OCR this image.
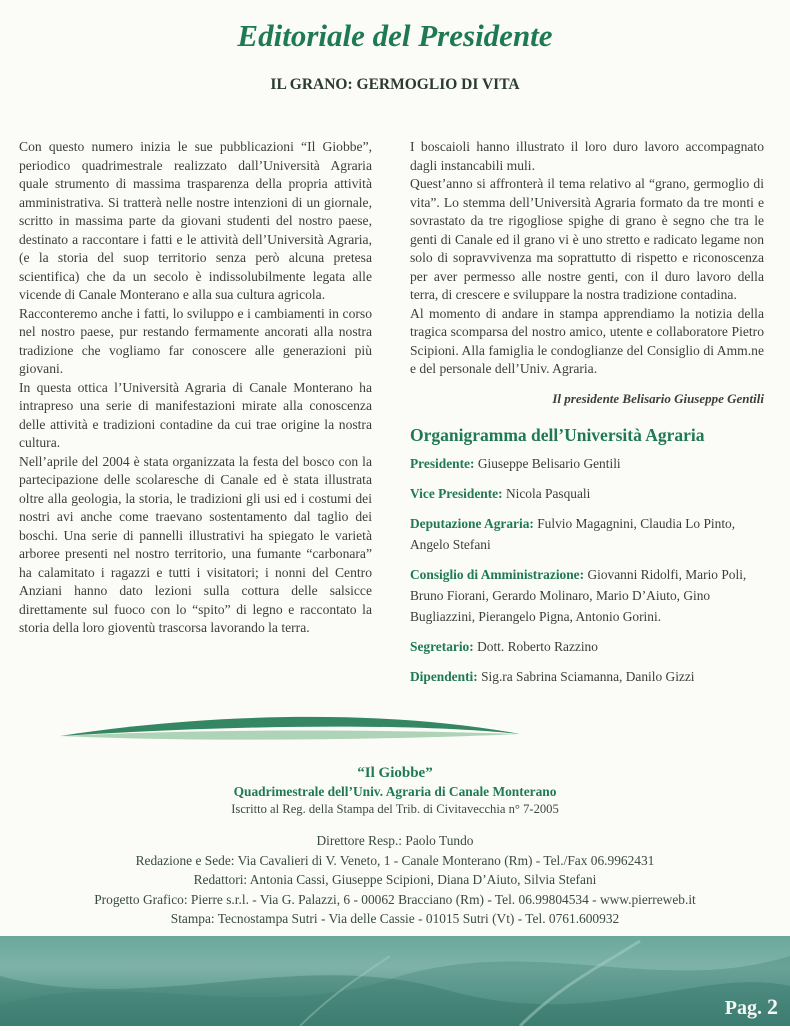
Editoriale del Presidente
IL GRANO: GERMOGLIO DI VITA

Con questo numero inizia le sue pubblicazioni “Il Giobbe”, periodico quadrimestrale realizzato dall’Università Agraria quale strumento di massima trasparenza della propria attività amministrativa. Si tratterà nelle nostre intenzioni di un giornale, scritto in massima parte da giovani studenti del nostro paese, destinato a raccontare i fatti e le attività dell’Università Agraria, (e la storia del suop territorio senza però alcuna pretesa scientifica) che da un secolo è indissolubilmente legata alle vicende di Canale Monterano e alla sua cultura agricola.

Racconteremo anche i fatti, lo sviluppo e i cambiamenti in corso nel nostro paese, pur restando fermamente ancorati alla nostra tradizione che vogliamo far conoscere alle generazioni più giovani.

In questa ottica l’Università Agraria di Canale Monterano ha intrapreso una serie di manifestazioni mirate alla conoscenza delle attività e tradizioni contadine da cui trae origine la nostra cultura.

Nell’aprile del 2004 è stata organizzata la festa del bosco con la partecipazione delle scolaresche di Canale ed è stata illustrata oltre alla geologia, la storia, le tradizioni gli usi ed i costumi dei nostri avi anche come traevano sostentamento dal taglio dei boschi. Una serie di pannelli illustrativi ha spiegato le varietà arboree presenti nel nostro territorio, una fumante “carbonara” ha calamitato i ragazzi e tutti i visitatori; i nonni del Centro Anziani hanno dato lezioni sulla cottura delle salsicce direttamente sul fuoco con lo “spito” di legno e raccontato la storia della loro gioventù trascorsa lavorando la terra.

I boscaioli hanno illustrato il loro duro lavoro accompagnato dagli instancabili muli.

Quest’anno si affronterà il tema relativo al “grano, germoglio di vita”. Lo stemma dell’Università Agraria formato da tre monti e sovrastato da tre rigogliose spighe di grano è segno che tra le genti di Canale ed il grano vi è uno stretto e radicato legame non solo di sopravvivenza ma soprattutto di rispetto e riconoscenza per aver permesso alle nostre genti, con il duro lavoro della terra, di crescere e sviluppare la nostra tradizione contadina.

Al momento di andare in stampa apprendiamo la notizia della tragica scomparsa del nostro amico, utente e collaboratore Pietro Scipioni. Alla famiglia le condoglianze del Consiglio di Amm.ne e del personale dell’Univ. Agraria.

Il presidente Belisario Giuseppe Gentili

Organigramma dell’Università Agraria

Presidente: Giuseppe Belisario Gentili
Vice Presidente: Nicola Pasquali
Deputazione Agraria: Fulvio Magagnini, Claudia Lo Pinto, Angelo Stefani
Consiglio di Amministrazione: Giovanni Ridolfi, Mario Poli, Bruno Fiorani, Gerardo Molinaro, Mario D’Aiuto, Gino Bugliazzini, Pierangelo Pigna, Antonio Gorini.
Segretario: Dott. Roberto Razzino
Dipendenti: Sig.ra Sabrina Sciamanna, Danilo Gizzi
“Il Giobbe”
Quadrimestrale dell’Univ. Agraria di Canale Monterano
Iscritto al Reg. della Stampa del Trib. di Civitavecchia n° 7-2005
Direttore Resp.: Paolo Tundo
Redazione e Sede: Via Cavalieri di V. Veneto, 1 - Canale Monterano (Rm) - Tel./Fax 06.9962431
Redattori: Antonia Cassi, Giuseppe Scipioni, Diana D’Aiuto, Silvia Stefani
Progetto Grafico: Pierre s.r.l. - Via G. Palazzi, 6 - 00062 Bracciano (Rm) - Tel. 06.99804534 - www.pierreweb.it
Stampa: Tecnostampa Sutri - Via delle Cassie - 01015 Sutri (Vt) - Tel. 0761.600932
Pag. 2
